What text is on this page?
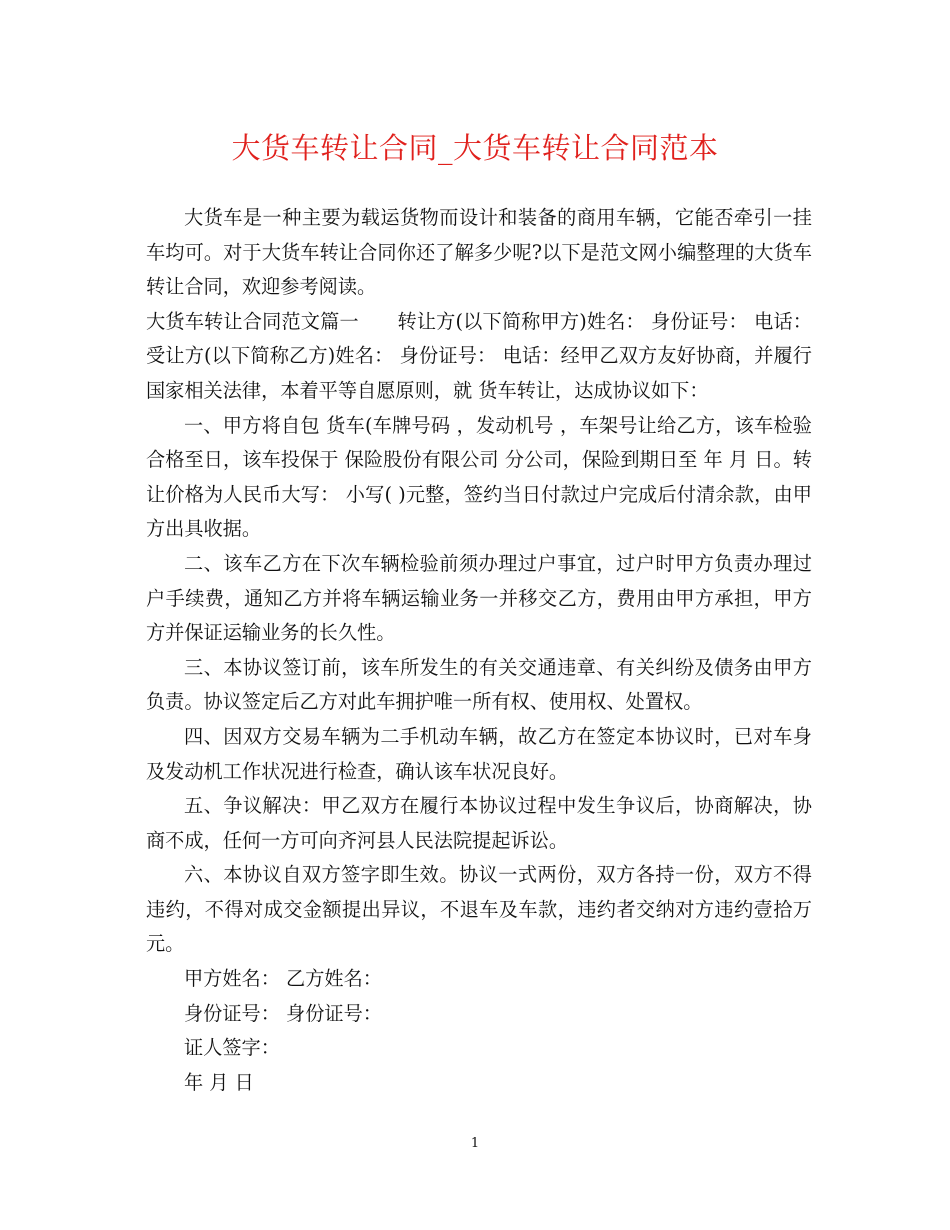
大货车转让合同_大货车转让合同范本

大货车是一种主要为载运货物而设计和装备的商用车辆，它能否牵引一挂车均可。对于大货车转让合同你还了解多少呢?以下是范文网小编整理的大货车转让合同，欢迎参考阅读。

大货车转让合同范文篇一　　转让方(以下简称甲方)姓名： 身份证号： 电话：受让方(以下简称乙方)姓名： 身份证号： 电话：经甲乙双方友好协商，并履行国家相关法律，本着平等自愿原则，就 货车转让，达成协议如下：

一、甲方将自包 货车(车牌号码 ，发动机号 ，车架号让给乙方，该车检验合格至日，该车投保于 保险股份有限公司 分公司，保险到期日至 年 月 日。转让价格为人民币大写： 小写( )元整，签约当日付款过户完成后付清余款，由甲方出具收据。

二、该车乙方在下次车辆检验前须办理过户事宜，过户时甲方负责办理过户手续费，通知乙方并将车辆运输业务一并移交乙方，费用由甲方承担，甲方方并保证运输业务的长久性。

三、本协议签订前，该车所发生的有关交通违章、有关纠纷及债务由甲方负责。协议签定后乙方对此车拥护唯一所有权、使用权、处置权。

四、因双方交易车辆为二手机动车辆，故乙方在签定本协议时，已对车身及发动机工作状况进行检查，确认该车状况良好。

五、争议解决：甲乙双方在履行本协议过程中发生争议后，协商解决，协商不成，任何一方可向齐河县人民法院提起诉讼。

六、本协议自双方签字即生效。协议一式两份，双方各持一份，双方不得违约，不得对成交金额提出异议，不退车及车款，违约者交纳对方违约壹拾万元。

甲方姓名： 乙方姓名：

身份证号： 身份证号：

证人签字：

年 月 日

1
